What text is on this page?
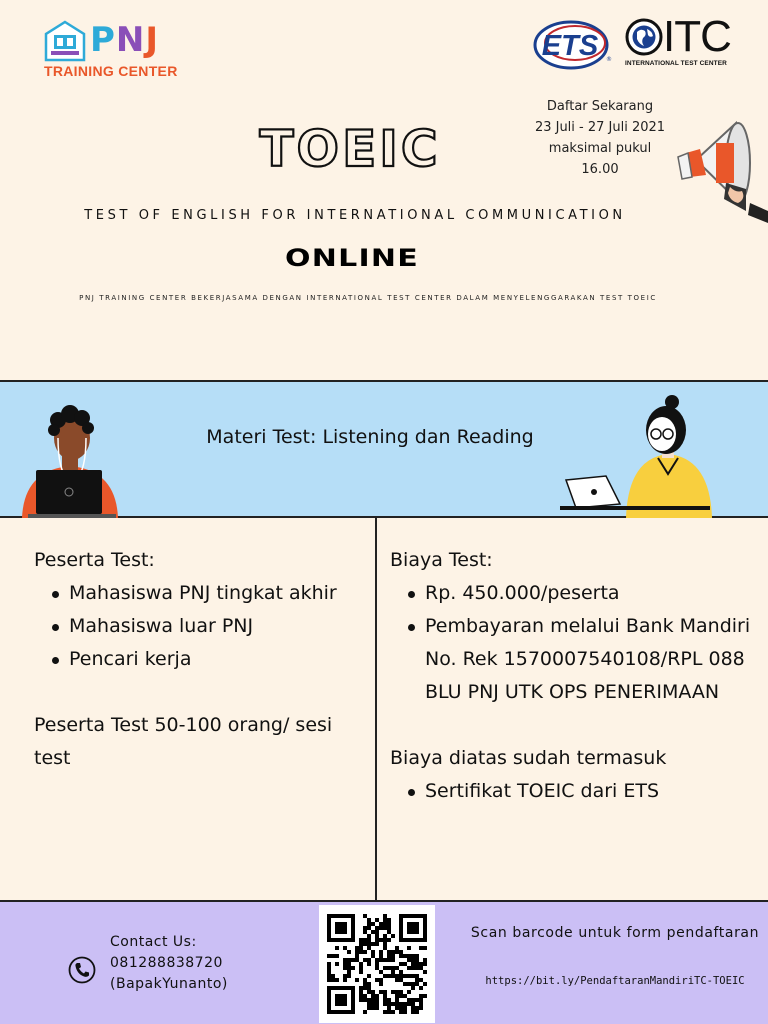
PNJ
TRAINING CENTER
ETS ® ITC
INTERNATIONAL TEST CENTER
TOEIC
Daftar Sekarang
23 Juli - 27 Juli 2021
maksimal pukul
16.00
TEST OF ENGLISH FOR INTERNATIONAL COMMUNICATION
ONLINE
PNJ TRAINING CENTER BEKERJASAMA DENGAN INTERNATIONAL TEST CENTER DALAM MENYELENGGARAKAN TEST TOEIC
Materi Test: Listening dan Reading
Peserta Test:
Mahasiswa PNJ tingkat akhir
Mahasiswa luar PNJ
Pencari kerja
Peserta Test 50-100 orang/ sesi test
Biaya Test:
Rp. 450.000/peserta
Pembayaran melalui Bank Mandiri
No. Rek 1570007540108/RPL 088 BLU PNJ UTK OPS PENERIMAAN
Biaya diatas sudah termasuk
Sertifikat TOEIC dari ETS
Contact Us:
081288838720
(BapakYunanto)
Scan barcode untuk form pendaftaran
https://bit.ly/PendaftaranMandiriTC-TOEIC
